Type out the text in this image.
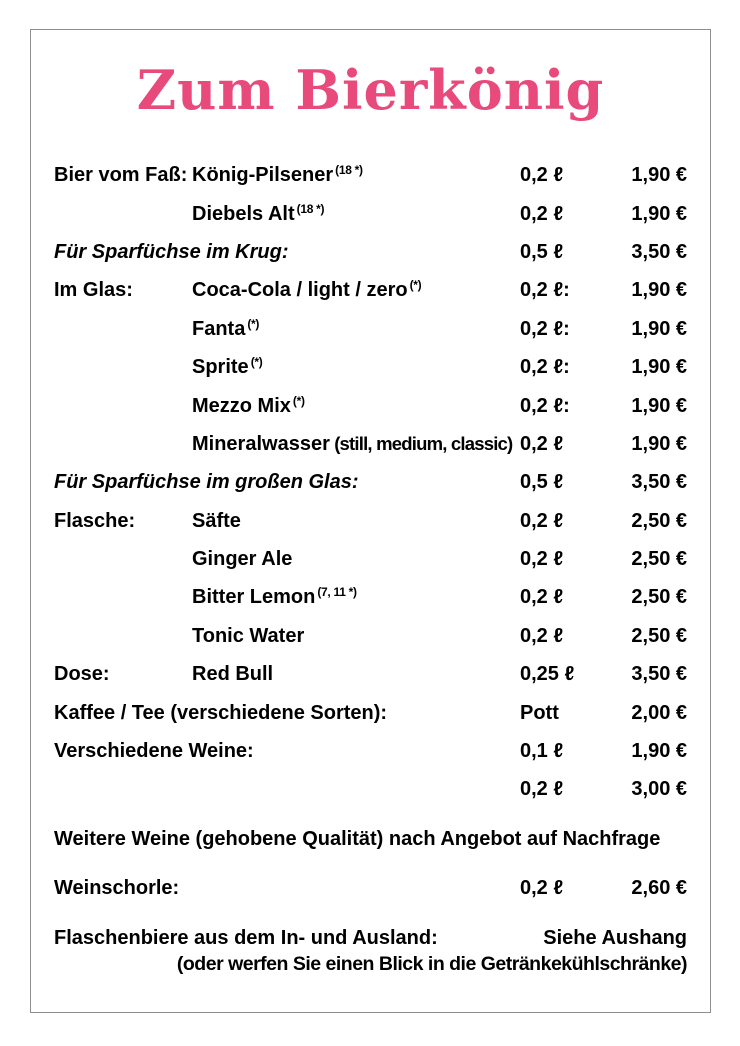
Zum Bierkönig
Bier vom Faß: König-Pilsener $^{(18 *)}$	0,2 ℓ	1,90 €
Diebels Alt $^{(18 *)}$	0,2 ℓ	1,90 €
Für Sparfüchse im Krug:	0,5 ℓ	3,50 €
Im Glas:	Coca-Cola / light / zero (*)	0,2 ℓ:	1,90 €
Fanta (*)	0,2 ℓ:	1,90 €
Sprite (*)	0,2 ℓ:	1,90 €
Mezzo Mix (*)	0,2 ℓ:	1,90 €
Mineralwasser (still, medium, classic) 0,2 ℓ	1,90 €
Für Sparfüchse im großen Glas:	0,5 ℓ	3,50 €
Flasche:	Säfte	0,2 ℓ	2,50 €
Ginger Ale	0,2 ℓ	2,50 €
Bitter Lemon $^{(7, 11 *)}$	0,2 ℓ	2,50 €
Tonic Water	0,2 ℓ	2,50 €
Dose:	Red Bull	0,25 ℓ	3,50 €
Kaffee / Tee (verschiedene Sorten):	Pott	2,00 €
Verschiedene Weine:	0,1 ℓ	1,90 €
0,2 ℓ	3,00 €
Weitere Weine (gehobene Qualität) nach Angebot auf Nachfrage
Weinschorle:	0,2 ℓ	2,60 €
Flaschenbiere aus dem In- und Ausland:	Siehe Aushang
(oder werfen Sie einen Blick in die Getränkekühlschränke)
